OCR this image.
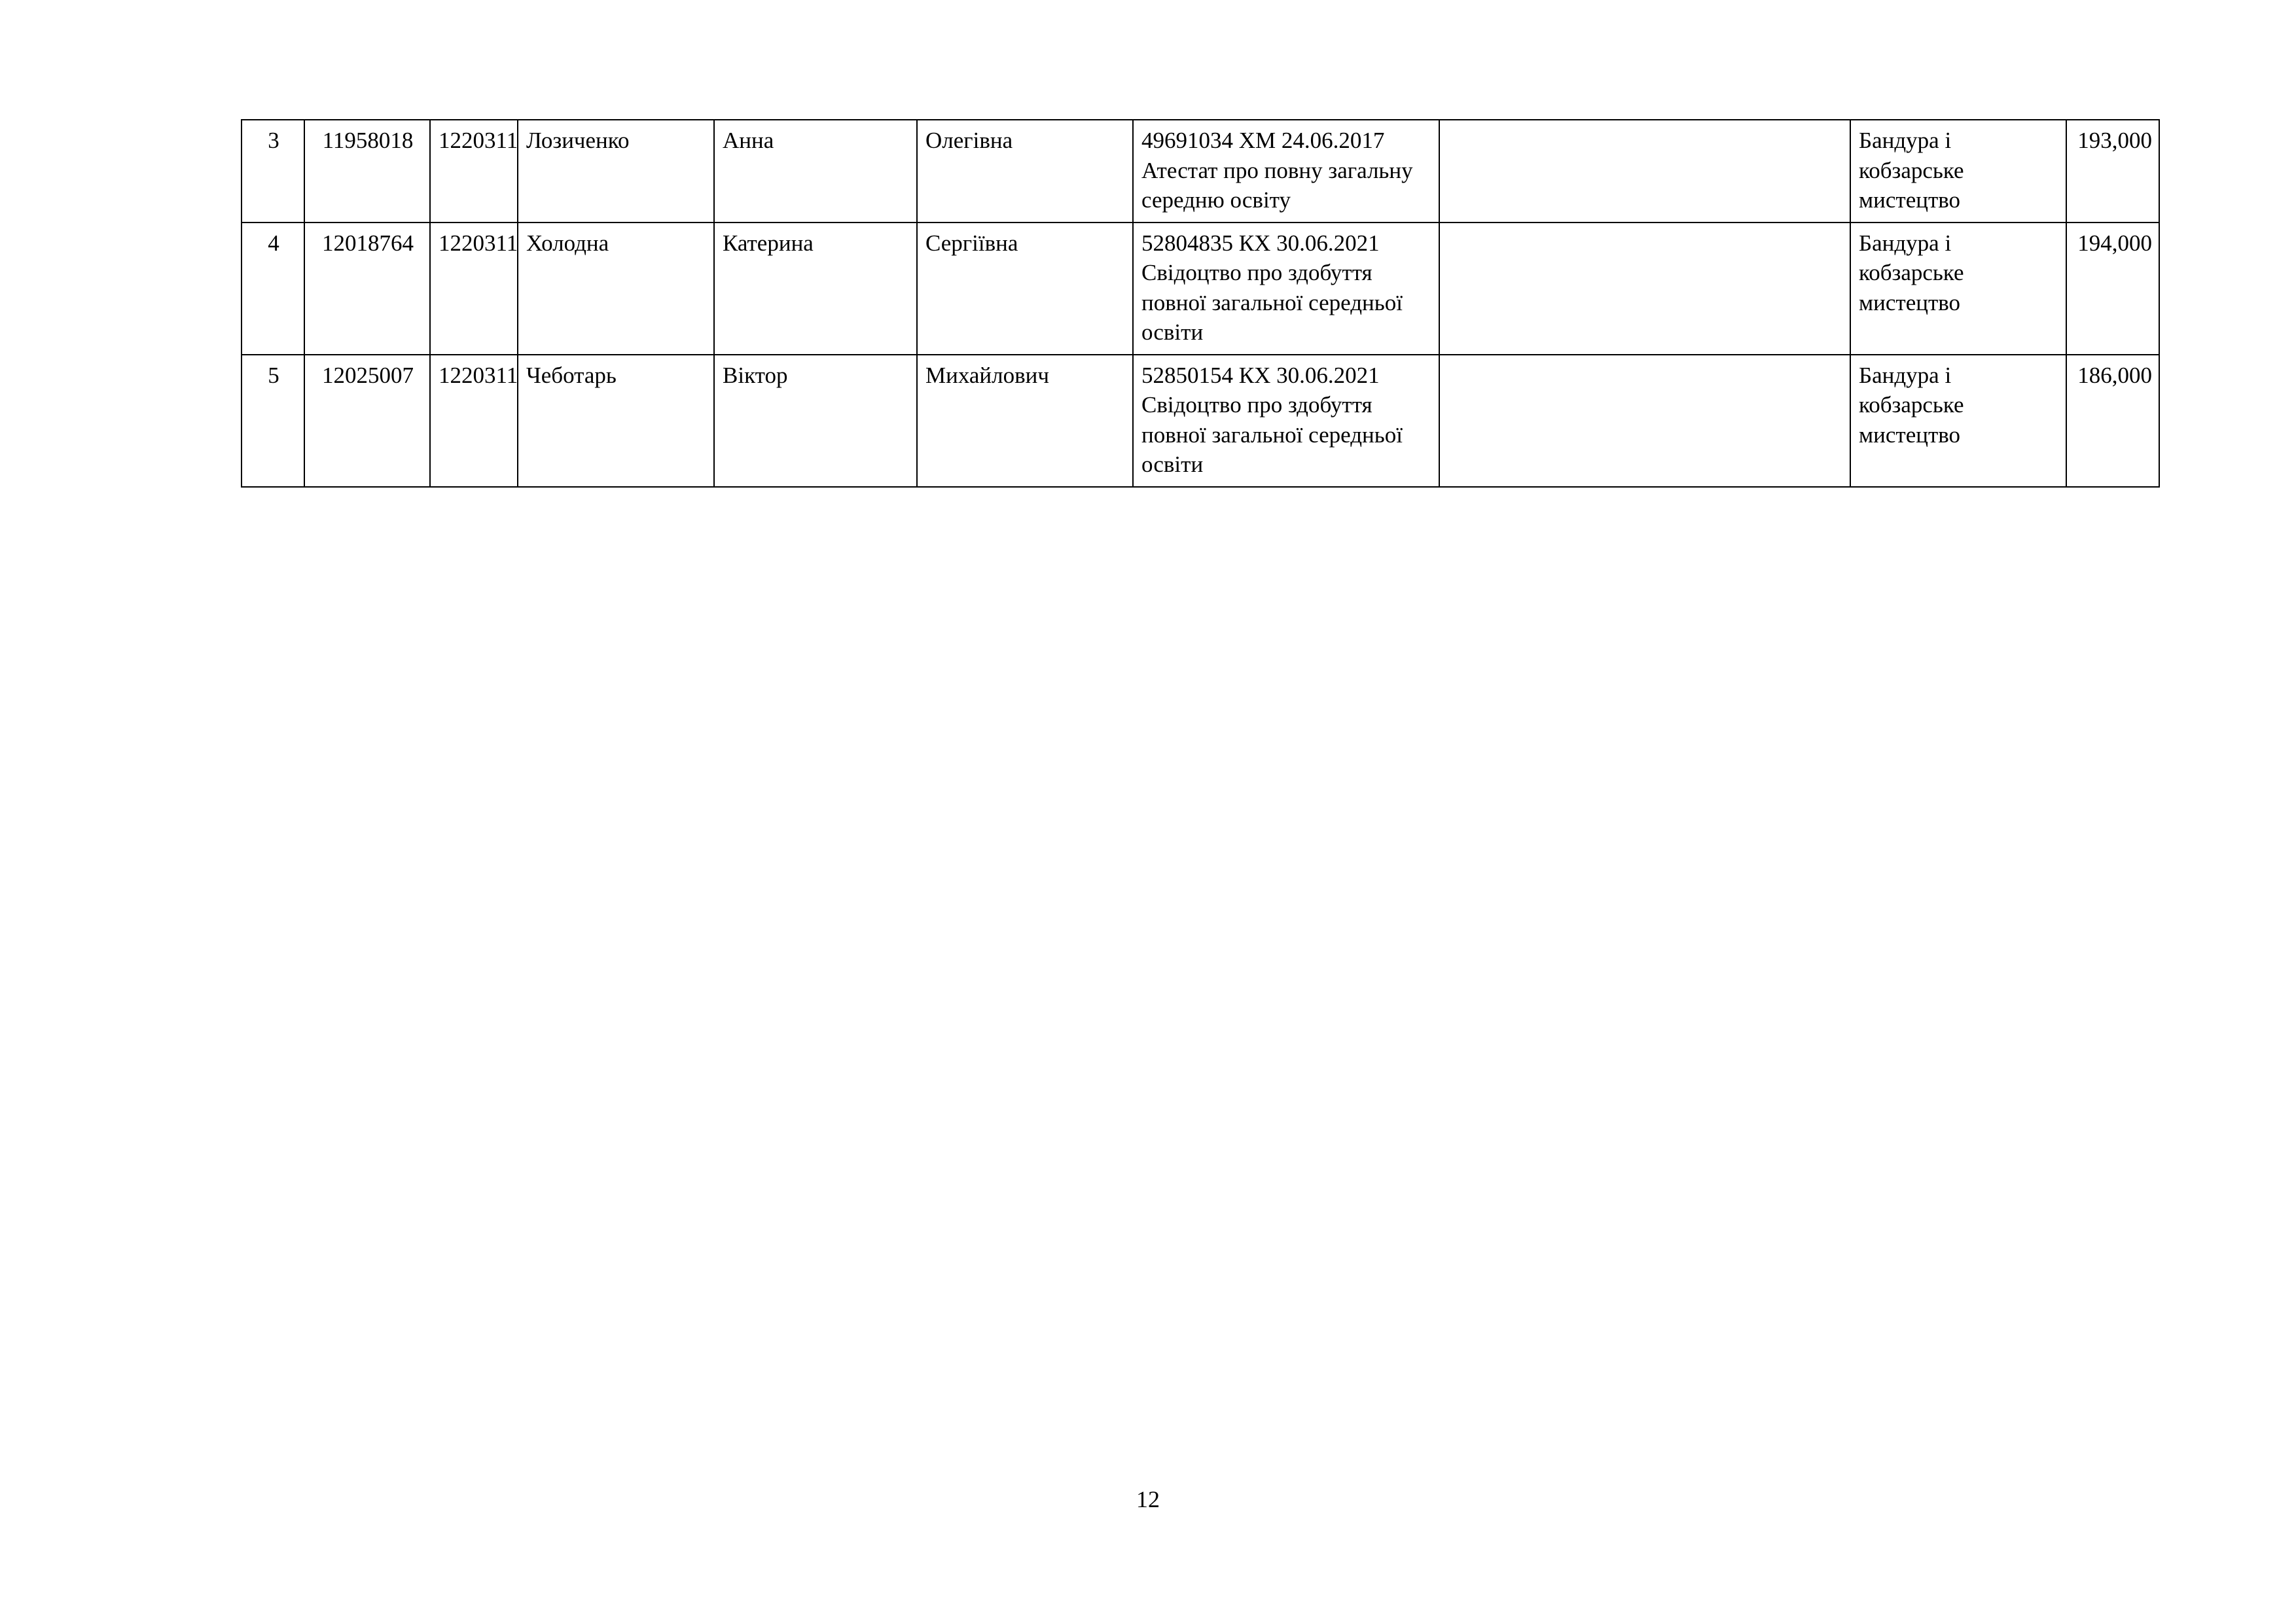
3	11958018	1220311	Лозиченко	Анна	Олегівна	49691034 ХМ 24.06.2017 Атестат про повну загальну середню освіту		Бандура і кобзарське мистецтво	193,000
4	12018764	1220311	Холодна	Катерина	Сергіївна	52804835 КХ 30.06.2021 Свідоцтво про здобуття повної загальної середньої освіти		Бандура і кобзарське мистецтво	194,000
5	12025007	1220311	Чеботарь	Віктор	Михайлович	52850154 КХ 30.06.2021 Свідоцтво про здобуття повної загальної середньої освіти		Бандура і кобзарське мистецтво	186,000
12
